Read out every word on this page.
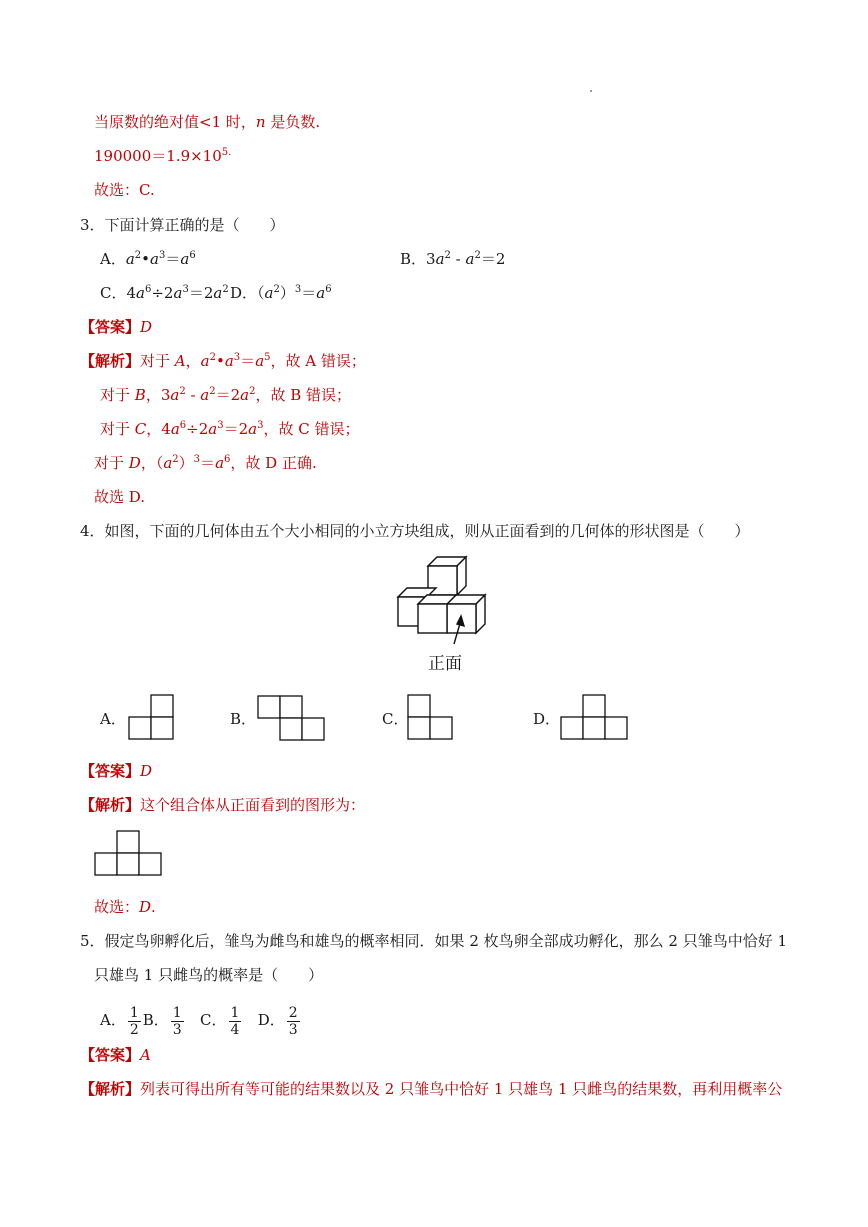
当原数的绝对值<1 时，n 是负数.
$190000=1.9\times 10^{5.}$
故选：C.
3．下面计算正确的是（　　）
A．$a^2•a^3=a^6$	B．$3a^2 - a^2=2$
C．$4a^6\div 2a^3=2a^2$ D．$(a^2)^3=a^6$
【答案】D
【解析】对于 A，$a^2•a^3=a^5$，故 A 错误；
对于 B，$3a^2 - a^2=2a^2$，故 B 错误；
对于 C，$4a^6\div 2a^3=2a^3$，故 C 错误；
对于 D，$(a^2)^3=a^6$，故 D 正确.
故选 D.
4．如图，下面的几何体由五个大小相同的小立方块组成，则从正面看到的几何体的形状图是（　　）
正面
A．	B．	C．	D．
【答案】D
【解析】这个组合体从正面看到的图形为：
故选：D.
5．假定鸟卵孵化后，雏鸟为雌鸟和雄鸟的概率相同．如果 2 枚鸟卵全部成功孵化，那么 2 只雏鸟中恰好 1
只雄鸟 1 只雌鸟的概率是（　　）
A． $\frac{1}{2}$ B． $\frac{1}{3}$ C． $\frac{1}{4}$ D． $\frac{2}{3}$
【答案】A
【解析】列表可得出所有等可能的结果数以及 2 只雏鸟中恰好 1 只雄鸟 1 只雌鸟的结果数，再利用概率公
